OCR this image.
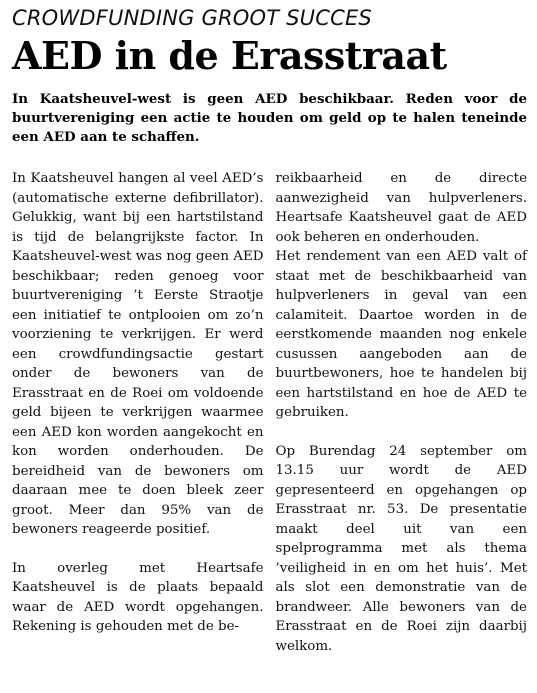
CROWDFUNDING GROOT SUCCES
AED in de Erasstraat

In Kaatsheuvel-west is geen AED beschikbaar. Reden voor de buurtvereniging een actie te houden om geld op te halen teneinde een AED aan te schaffen.

In Kaatsheuvel hangen al veel AED’s (automatische externe defibrillator). Gelukkig, want bij een hartstilstand is tijd de belangrijkste factor. In Kaatsheuvel-west was nog geen AED beschikbaar; reden genoeg voor buurtvereniging ’t Eerste Straotje een initiatief te ontplooien om zo’n voorziening te verkrijgen. Er werd een crowdfundingsactie gestart onder de bewoners van de Erasstraat en de Roei om voldoende geld bijeen te verkrijgen waarmee een AED kon worden aangekocht en kon worden onderhouden. De bereidheid van de bewoners om daaraan mee te doen bleek zeer groot. Meer dan 95% van de bewoners reageerde positief.

In overleg met Heartsafe Kaatsheuvel is de plaats bepaald waar de AED wordt opgehangen. Rekening is gehouden met de be-

reikbaarheid en de directe aanwezigheid van hulpverleners. Heartsafe Kaatsheuvel gaat de AED ook beheren en onderhouden.

Het rendement van een AED valt of staat met de beschikbaarheid van hulpverleners in geval van een calamiteit. Daartoe worden in de eerstkomende maanden nog enkele cusussen aangeboden aan de buurtbewoners, hoe te handelen bij een hartstilstand en hoe de AED te gebruiken.

Op Burendag 24 september om 13.15 uur wordt de AED gepresenteerd en opgehangen op Erasstraat nr. 53. De presentatie maakt deel uit van een spelprogramma met als thema ’veiligheid in en om het huis’. Met als slot een demonstratie van de brandweer. Alle bewoners van de Erasstraat en de Roei zijn daarbij welkom.
